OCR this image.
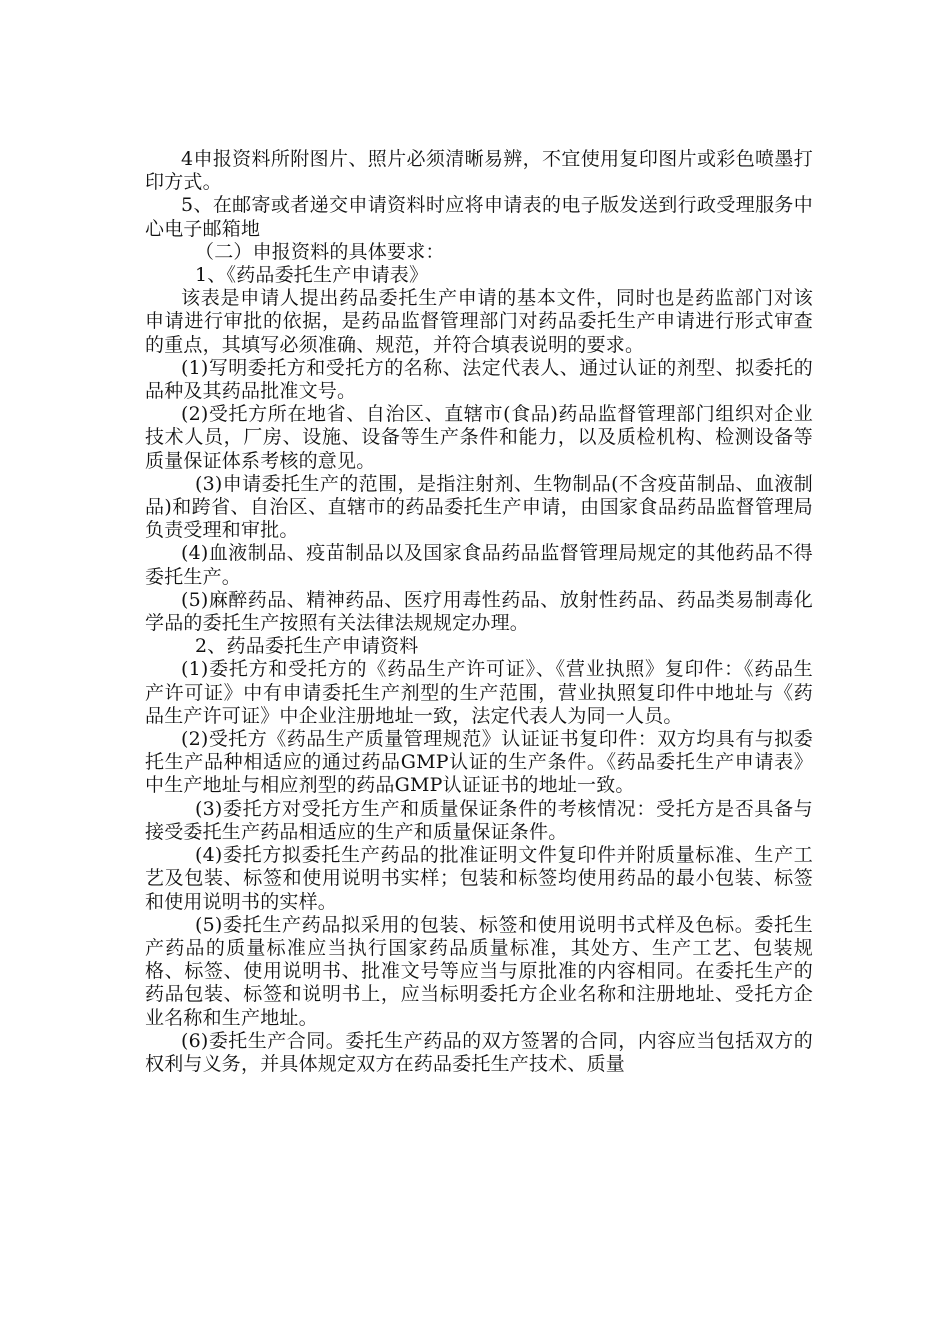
4申报资料所附图片、照片必须清晰易辨，不宜使用复印图片或彩色喷墨打印方式。

5、在邮寄或者递交申请资料时应将申请表的电子版发送到行政受理服务中心电子邮箱地

（二）申报资料的具体要求：

1、《药品委托生产申请表》

该表是申请人提出药品委托生产申请的基本文件，同时也是药监部门对该申请进行审批的依据，是药品监督管理部门对药品委托生产申请进行形式审查的重点，其填写必须准确、规范，并符合填表说明的要求。

(1)写明委托方和受托方的名称、法定代表人、通过认证的剂型、拟委托的品种及其药品批准文号。

(2)受托方所在地省、自治区、直辖市(食品)药品监督管理部门组织对企业技术人员，厂房、设施、设备等生产条件和能力，以及质检机构、检测设备等质量保证体系考核的意见。

(3)申请委托生产的范围，是指注射剂、生物制品(不含疫苗制品、血液制品)和跨省、自治区、直辖市的药品委托生产申请，由国家食品药品监督管理局负责受理和审批。

(4)血液制品、疫苗制品以及国家食品药品监督管理局规定的其他药品不得委托生产。

(5)麻醉药品、精神药品、医疗用毒性药品、放射性药品、药品类易制毒化学品的委托生产按照有关法律法规规定办理。

2、药品委托生产申请资料

(1)委托方和受托方的《药品生产许可证》、《营业执照》复印件：《药品生产许可证》中有申请委托生产剂型的生产范围，营业执照复印件中地址与《药品生产许可证》中企业注册地址一致，法定代表人为同一人员。

(2)受托方《药品生产质量管理规范》认证证书复印件：双方均具有与拟委托生产品种相适应的通过药品GMP认证的生产条件。《药品委托生产申请表》中生产地址与相应剂型的药品GMP认证证书的地址一致。

(3)委托方对受托方生产和质量保证条件的考核情况：受托方是否具备与接受委托生产药品相适应的生产和质量保证条件。

(4)委托方拟委托生产药品的批准证明文件复印件并附质量标准、生产工艺及包装、标签和使用说明书实样；包装和标签均使用药品的最小包装、标签和使用说明书的实样。

(5)委托生产药品拟采用的包装、标签和使用说明书式样及色标。委托生产药品的质量标准应当执行国家药品质量标准，其处方、生产工艺、包装规格、标签、使用说明书、批准文号等应当与原批准的内容相同。在委托生产的药品包装、标签和说明书上，应当标明委托方企业名称和注册地址、受托方企业名称和生产地址。

(6)委托生产合同。委托生产药品的双方签署的合同，内容应当包括双方的权利与义务，并具体规定双方在药品委托生产技术、质量
